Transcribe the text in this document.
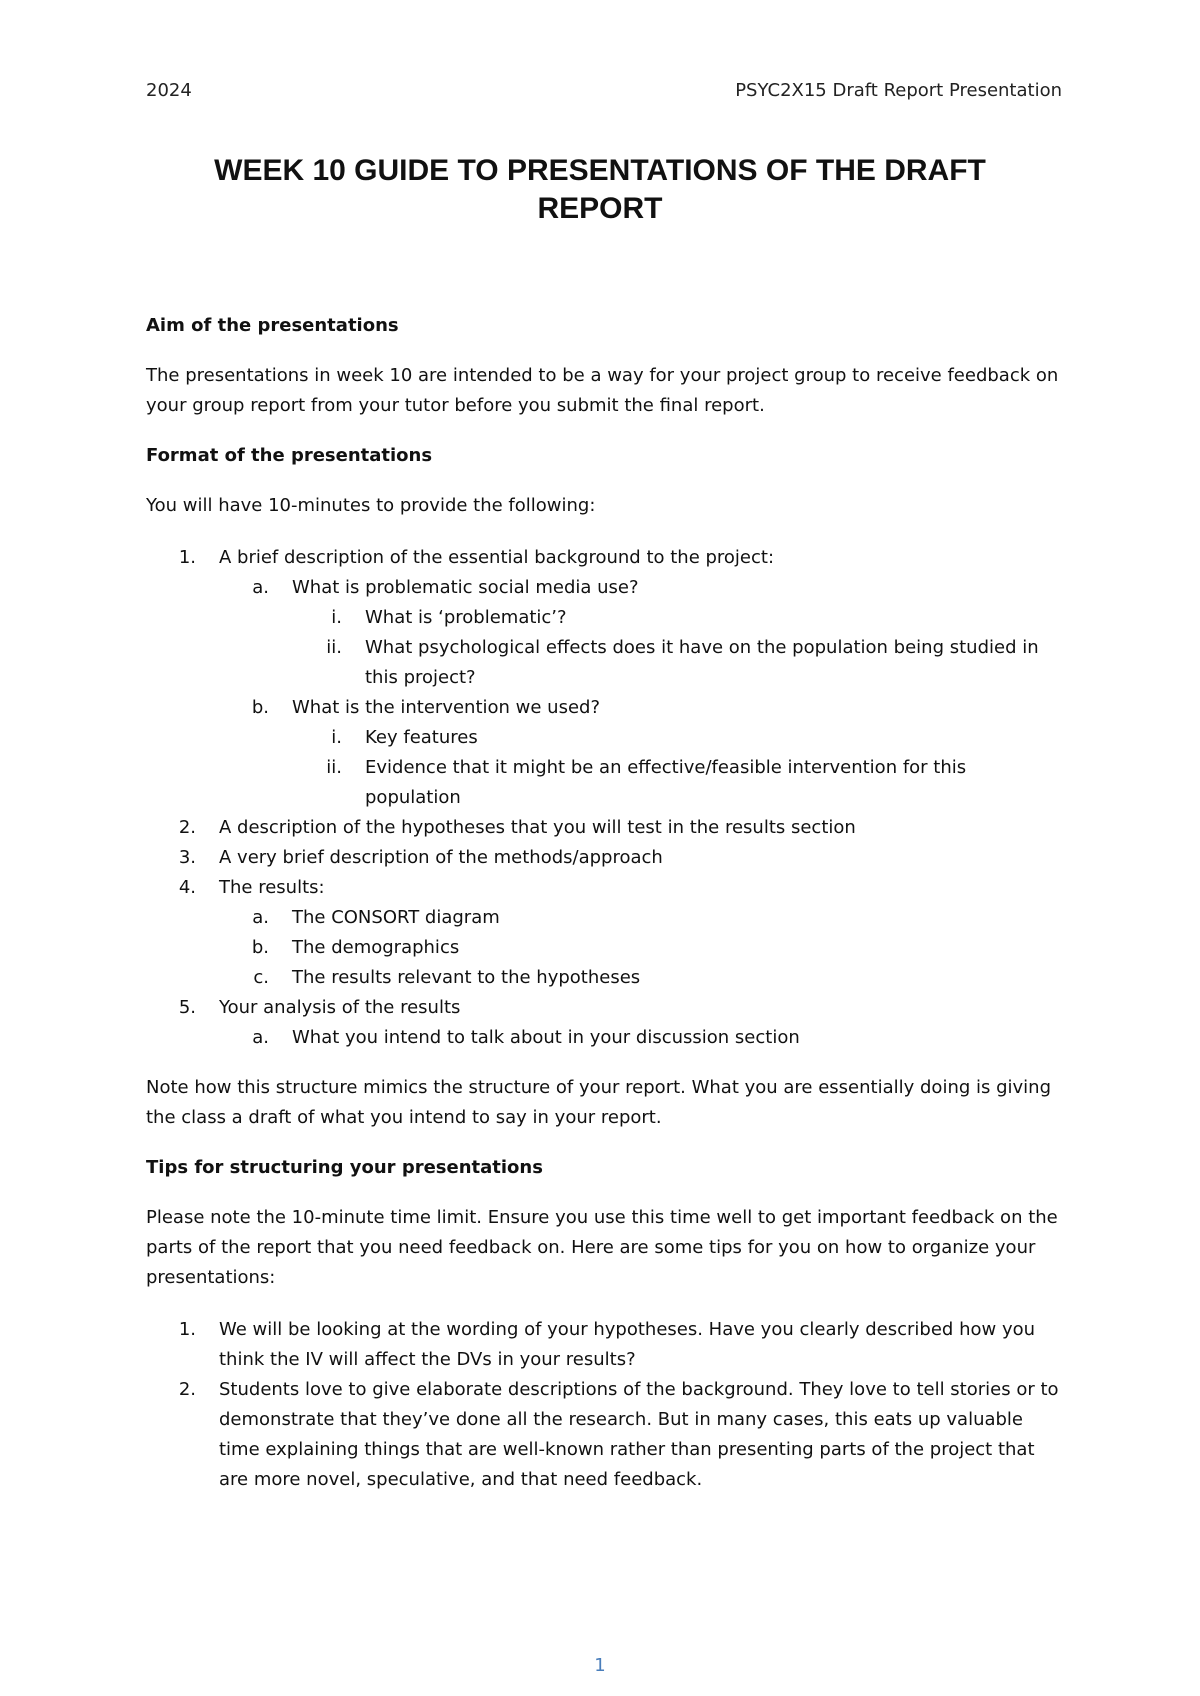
2024	PSYC2X15 Draft Report Presentation
WEEK 10 GUIDE TO PRESENTATIONS OF THE DRAFT REPORT
Aim of the presentations

The presentations in week 10 are intended to be a way for your project group to receive feedback on your group report from your tutor before you submit the final report.

Format of the presentations

You will have 10-minutes to provide the following:

1. A brief description of the essential background to the project:
a. What is problematic social media use?
i. What is ‘problematic’?
ii. What psychological effects does it have on the population being studied in this project?
b. What is the intervention we used?
i. Key features
ii. Evidence that it might be an effective/feasible intervention for this population
2. A description of the hypotheses that you will test in the results section
3. A very brief description of the methods/approach
4. The results:
a. The CONSORT diagram
b. The demographics
c. The results relevant to the hypotheses
5. Your analysis of the results
a. What you intend to talk about in your discussion section

Note how this structure mimics the structure of your report. What you are essentially doing is giving the class a draft of what you intend to say in your report.

Tips for structuring your presentations

Please note the 10-minute time limit. Ensure you use this time well to get important feedback on the parts of the report that you need feedback on. Here are some tips for you on how to organize your presentations:

1. We will be looking at the wording of your hypotheses. Have you clearly described how you think the IV will affect the DVs in your results?
2. Students love to give elaborate descriptions of the background. They love to tell stories or to demonstrate that they’ve done all the research. But in many cases, this eats up valuable time explaining things that are well-known rather than presenting parts of the project that are more novel, speculative, and that need feedback.
1
